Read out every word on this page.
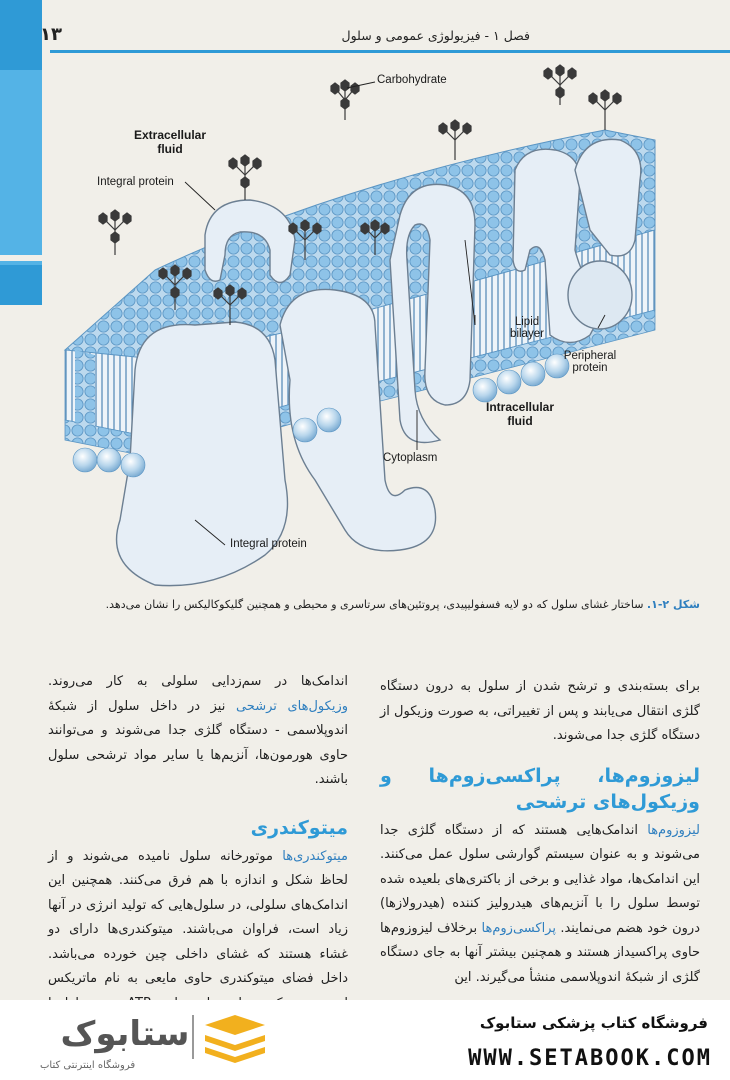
فصل ۱ - فیزیولوژی عمومی و سلول
۱۳
Carbohydrate
Extracellular fluid
Integral protein
Lipid bilayer
Peripheral protein
Intracellular fluid
Cytoplasm
Integral protein
شکل ۲-۱. ساختار غشای سلول که دو لایه فسفولیپیدی، پروتئین‌های سرتاسری و محیطی و همچنین گلیکوکالیکس را نشان می‌دهد.
برای بسته‌بندی و ترشح شدن از سلول به درون دستگاه گلژی انتقال می‌یابند و پس از تغییراتی، به صورت وزیکول از دستگاه گلژی جدا می‌شوند.
لیزوزوم‌ها، پراکسی‌زوم‌ها و وزیکول‌های ترشحی
لیزوزوم‌ها اندامک‌هایی هستند که از دستگاه گلژی جدا می‌شوند و به عنوان سیستم گوارشی سلول عمل می‌کنند. این اندامک‌ها، مواد غذایی و برخی از باکتری‌های بلعیده شده توسط سلول را با آنزیم‌های هیدرولیز کننده (هیدرولازها) درون خود هضم می‌نمایند. پراکسی‌زوم‌ها برخلاف لیزوزوم‌ها حاوی پراکسیداز هستند و همچنین بیشتر آنها به جای دستگاه گلژی از شبکهٔ اندوپلاسمی منشأ می‌گیرند. این
اندامک‌ها در سم‌زدایی سلولی به کار می‌روند. وزیکول‌های ترشحی نیز در داخل سلول از شبکهٔ اندوپلاسمی - دستگاه گلژی جدا می‌شوند و می‌توانند حاوی هورمون‌ها، آنزیم‌ها یا سایر مواد ترشحی سلول باشند.
میتوکندری
میتوکندری‌ها موتورخانه سلول نامیده می‌شوند و از لحاظ شکل و اندازه با هم فرق می‌کنند. همچنین این اندامک‌های سلولی، در سلول‌هایی که تولید انرژی در آنها زیاد است، فراوان می‌باشند. میتوکندری‌ها دارای دو غشاء هستند که غشای داخلی چین خورده می‌باشد. داخل فضای میتوکندری حاوی مایعی به نام ماتریکس
ستابوک
فروشگاه اینترنتی کتاب
فروشگاه کتاب پزشکی ستابوک
WWW.SETABOOK.COM
